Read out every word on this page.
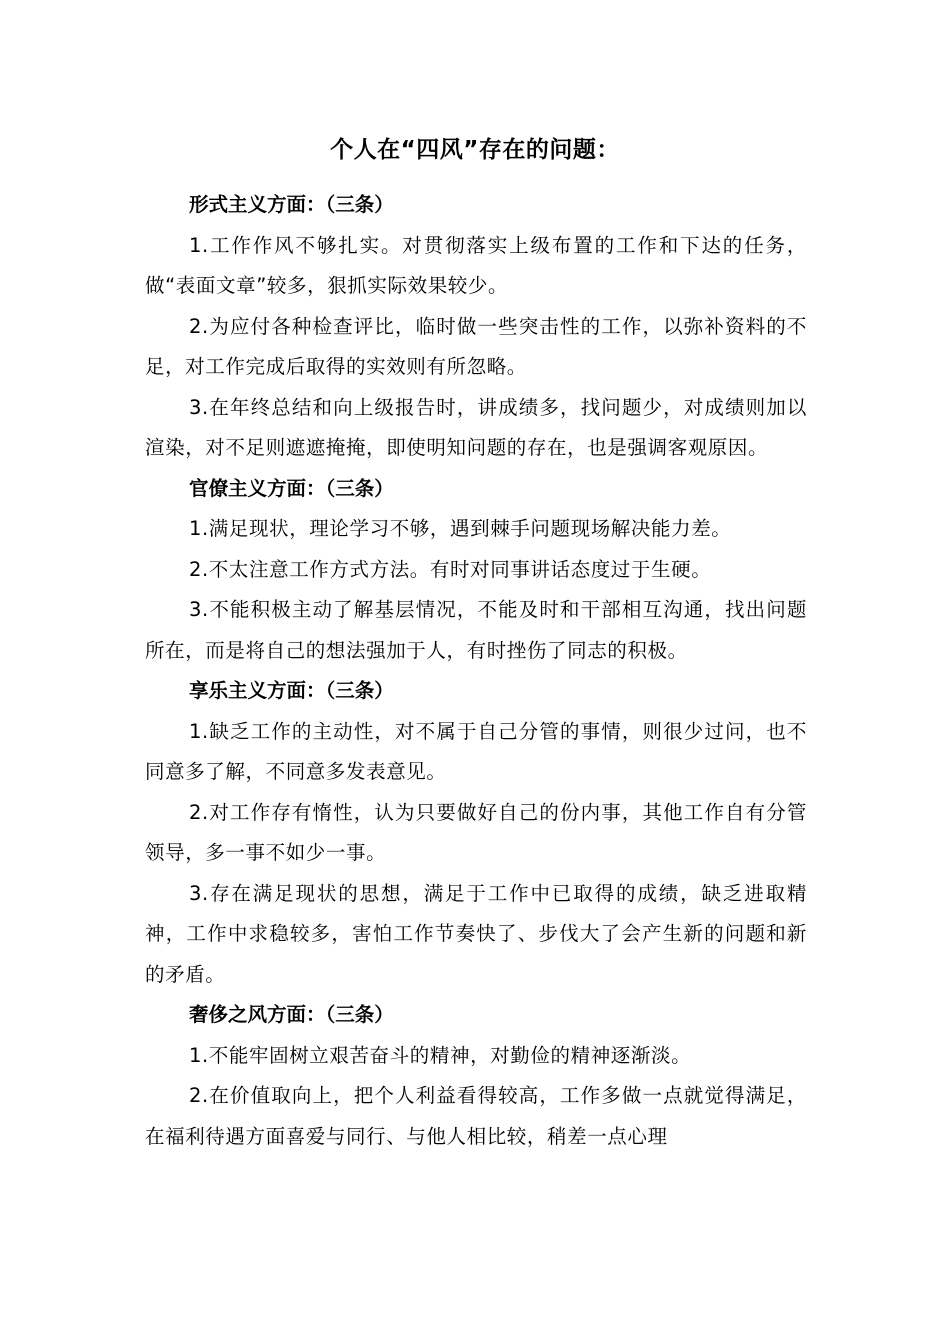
个人在“四风”存在的问题：

形式主义方面：（三条）

1.工作作风不够扎实。对贯彻落实上级布置的工作和下达的任务，做“表面文章”较多，狠抓实际效果较少。

2.为应付各种检查评比，临时做一些突击性的工作，以弥补资料的不足，对工作完成后取得的实效则有所忽略。

3.在年终总结和向上级报告时，讲成绩多，找问题少，对成绩则加以渲染，对不足则遮遮掩掩，即使明知问题的存在，也是强调客观原因。

官僚主义方面：（三条）

1.满足现状，理论学习不够，遇到棘手问题现场解决能力差。

2.不太注意工作方式方法。有时对同事讲话态度过于生硬。

3.不能积极主动了解基层情况，不能及时和干部相互沟通，找出问题所在，而是将自己的想法强加于人，有时挫伤了同志的积极。

享乐主义方面：（三条）

1.缺乏工作的主动性，对不属于自己分管的事情，则很少过问，也不同意多了解，不同意多发表意见。

2.对工作存有惰性，认为只要做好自己的份内事，其他工作自有分管领导，多一事不如少一事。

3.存在满足现状的思想，满足于工作中已取得的成绩，缺乏进取精神，工作中求稳较多，害怕工作节奏快了、步伐大了会产生新的问题和新的矛盾。

奢侈之风方面：（三条）

1.不能牢固树立艰苦奋斗的精神，对勤俭的精神逐渐淡。

2.在价值取向上，把个人利益看得较高，工作多做一点就觉得满足，在福利待遇方面喜爱与同行、与他人相比较，稍差一点心理
